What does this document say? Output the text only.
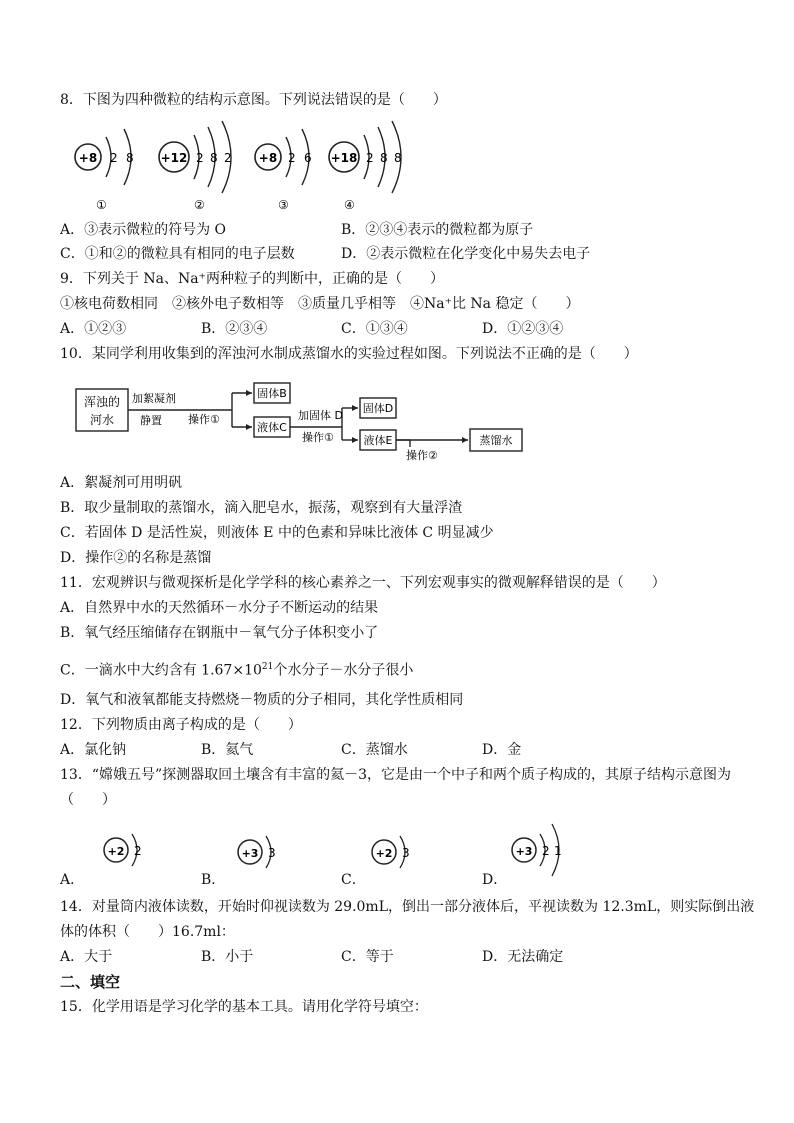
8．下图为四种微粒的结构示意图。下列说法错误的是（　　）
+8 2 8
①
+12 2 8 2
②
+8 2 6
③
+18 2 8 8
④
A．③表示微粒的符号为 O	B．②③④表示的微粒都为原子
C．①和②的微粒具有相同的电子层数	D．②表示微粒在化学变化中易失去电子
9．下列关于 Na、Na⁺两种粒子的判断中，正确的是（　　）
①核电荷数相同　②核外电子数相等　③质量几乎相等　④Na⁺比 Na 稳定（　　）
A．①②③	B．②③④	C．①③④	D．①②③④
10．某同学利用收集到的浑浊河水制成蒸馏水的实验过程如图。下列说法不正确的是（　　）
浑浊的
河水
加絮凝剂
静置 操作①
固体B
液体C
加固体 D
操作①
固体D
液体E
操作②
蒸馏水
A．絮凝剂可用明矾
B．取少量制取的蒸馏水，滴入肥皂水，振荡，观察到有大量浮渣
C．若固体 D 是活性炭，则液体 E 中的色素和异味比液体 C 明显减少
D．操作②的名称是蒸馏
11．宏观辨识与微观探析是化学学科的核心素养之一、下列宏观事实的微观解释错误的是（　　）
A．自然界中水的天然循环－水分子不断运动的结果
B．氧气经压缩储存在钢瓶中－氧气分子体积变小了
C．一滴水中大约含有 $1.67\times 10^{21}$个水分子－水分子很小
D．氧气和液氧都能支持燃烧－物质的分子相同，其化学性质相同
12．下列物质由离子构成的是（　　）
A．氯化钠	B．氦气	C．蒸馏水	D．金
13．“嫦娥五号”探测器取回土壤含有丰富的氦－3，它是由一个中子和两个质子构成的，其原子结构示意图为
（　　）
+2 2	+3 3	+2 3	+3 2 1
A．	B．	C．	D．
14．对量筒内液体读数，开始时仰视读数为 29.0mL，倒出一部分液体后，平视读数为 12.3mL，则实际倒出液
体的体积（　　）16.7ml：
A．大于	B．小于	C．等于	D．无法确定
二、填空
15．化学用语是学习化学的基本工具。请用化学符号填空：
